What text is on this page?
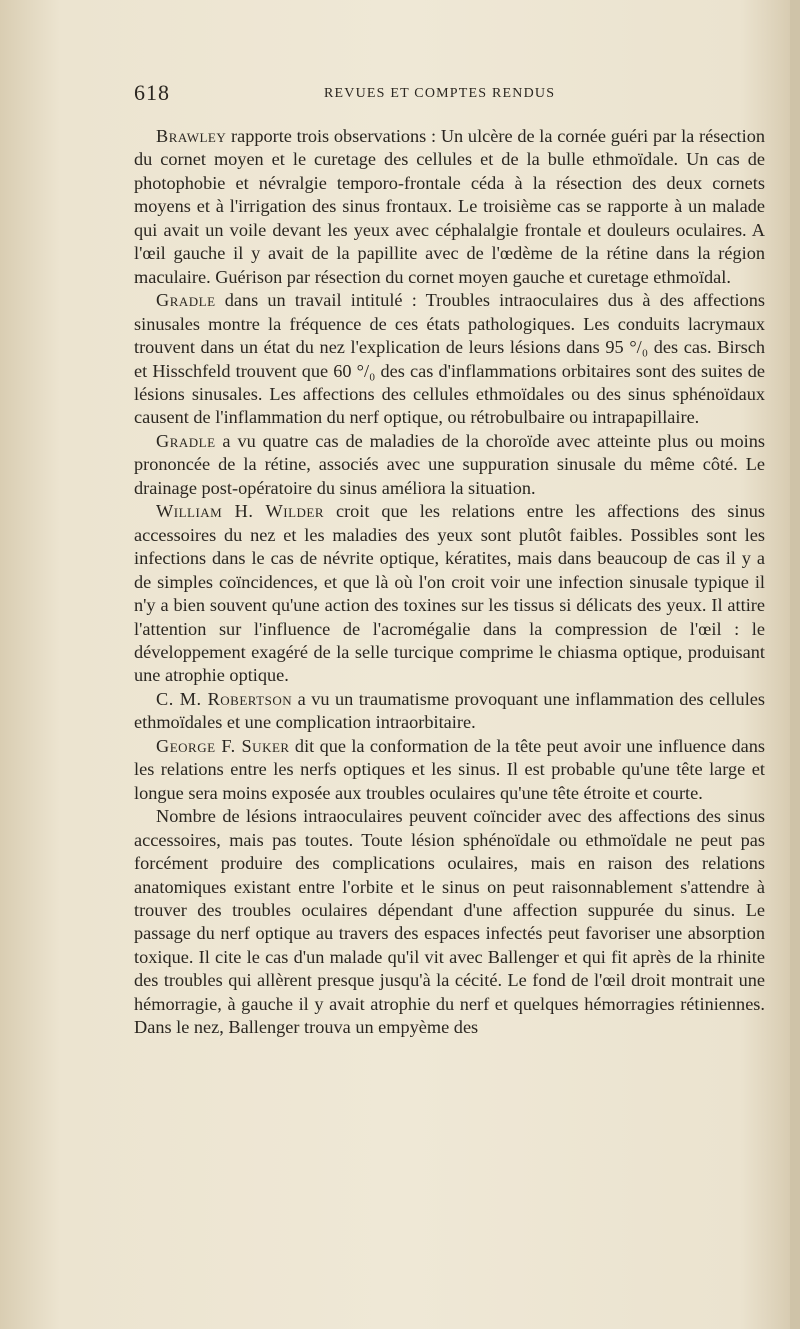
618	REVUES ET COMPTES RENDUS

Brawley rapporte trois observations : Un ulcère de la cornée guéri par la résection du cornet moyen et le curetage des cellules et de la bulle ethmoïdale. Un cas de photophobie et névralgie temporo-frontale céda à la résection des deux cornets moyens et à l'irrigation des sinus frontaux. Le troisième cas se rapporte à un malade qui avait un voile devant les yeux avec céphalalgie frontale et douleurs oculaires. A l'œil gauche il y avait de la papillite avec de l'œdème de la rétine dans la région maculaire. Guérison par résection du cornet moyen gauche et curetage ethmoïdal.

Gradle dans un travail intitulé : Troubles intraoculaires dus à des affections sinusales montre la fréquence de ces états pathologiques. Les conduits lacrymaux trouvent dans un état du nez l'explication de leurs lésions dans 95 °/₀ des cas. Birsch et Hisschfeld trouvent que 60 °/₀ des cas d'inflammations orbitaires sont des suites de lésions sinusales. Les affections des cellules ethmoïdales ou des sinus sphénoïdaux causent de l'inflammation du nerf optique, ou rétrobulbaire ou intrapapillaire.

Gradle a vu quatre cas de maladies de la choroïde avec atteinte plus ou moins prononcée de la rétine, associés avec une suppuration sinusale du même côté. Le drainage post-opératoire du sinus améliora la situation.

William H. Wilder croit que les relations entre les affections des sinus accessoires du nez et les maladies des yeux sont plutôt faibles. Possibles sont les infections dans le cas de névrite optique, kératites, mais dans beaucoup de cas il y a de simples coïncidences, et que là où l'on croit voir une infection sinusale typique il n'y a bien souvent qu'une action des toxines sur les tissus si délicats des yeux. Il attire l'attention sur l'influence de l'acromégalie dans la compression de l'œil : le développement exagéré de la selle turcique comprime le chiasma optique, produisant une atrophie optique.

C. M. Robertson a vu un traumatisme provoquant une inflammation des cellules ethmoïdales et une complication intraorbitaire.

George F. Suker dit que la conformation de la tête peut avoir une influence dans les relations entre les nerfs optiques et les sinus. Il est probable qu'une tête large et longue sera moins exposée aux troubles oculaires qu'une tête étroite et courte.

Nombre de lésions intraoculaires peuvent coïncider avec des affections des sinus accessoires, mais pas toutes. Toute lésion sphénoïdale ou ethmoïdale ne peut pas forcément produire des complications oculaires, mais en raison des relations anatomiques existant entre l'orbite et le sinus on peut raisonnablement s'attendre à trouver des troubles oculaires dépendant d'une affection suppurée du sinus. Le passage du nerf optique au travers des espaces infectés peut favoriser une absorption toxique. Il cite le cas d'un malade qu'il vit avec Ballenger et qui fit après de la rhinite des troubles qui allèrent presque jusqu'à la cécité. Le fond de l'œil droit montrait une hémorragie, à gauche il y avait atrophie du nerf et quelques hémorragies rétiniennes. Dans le nez, Ballenger trouva un empyème des
